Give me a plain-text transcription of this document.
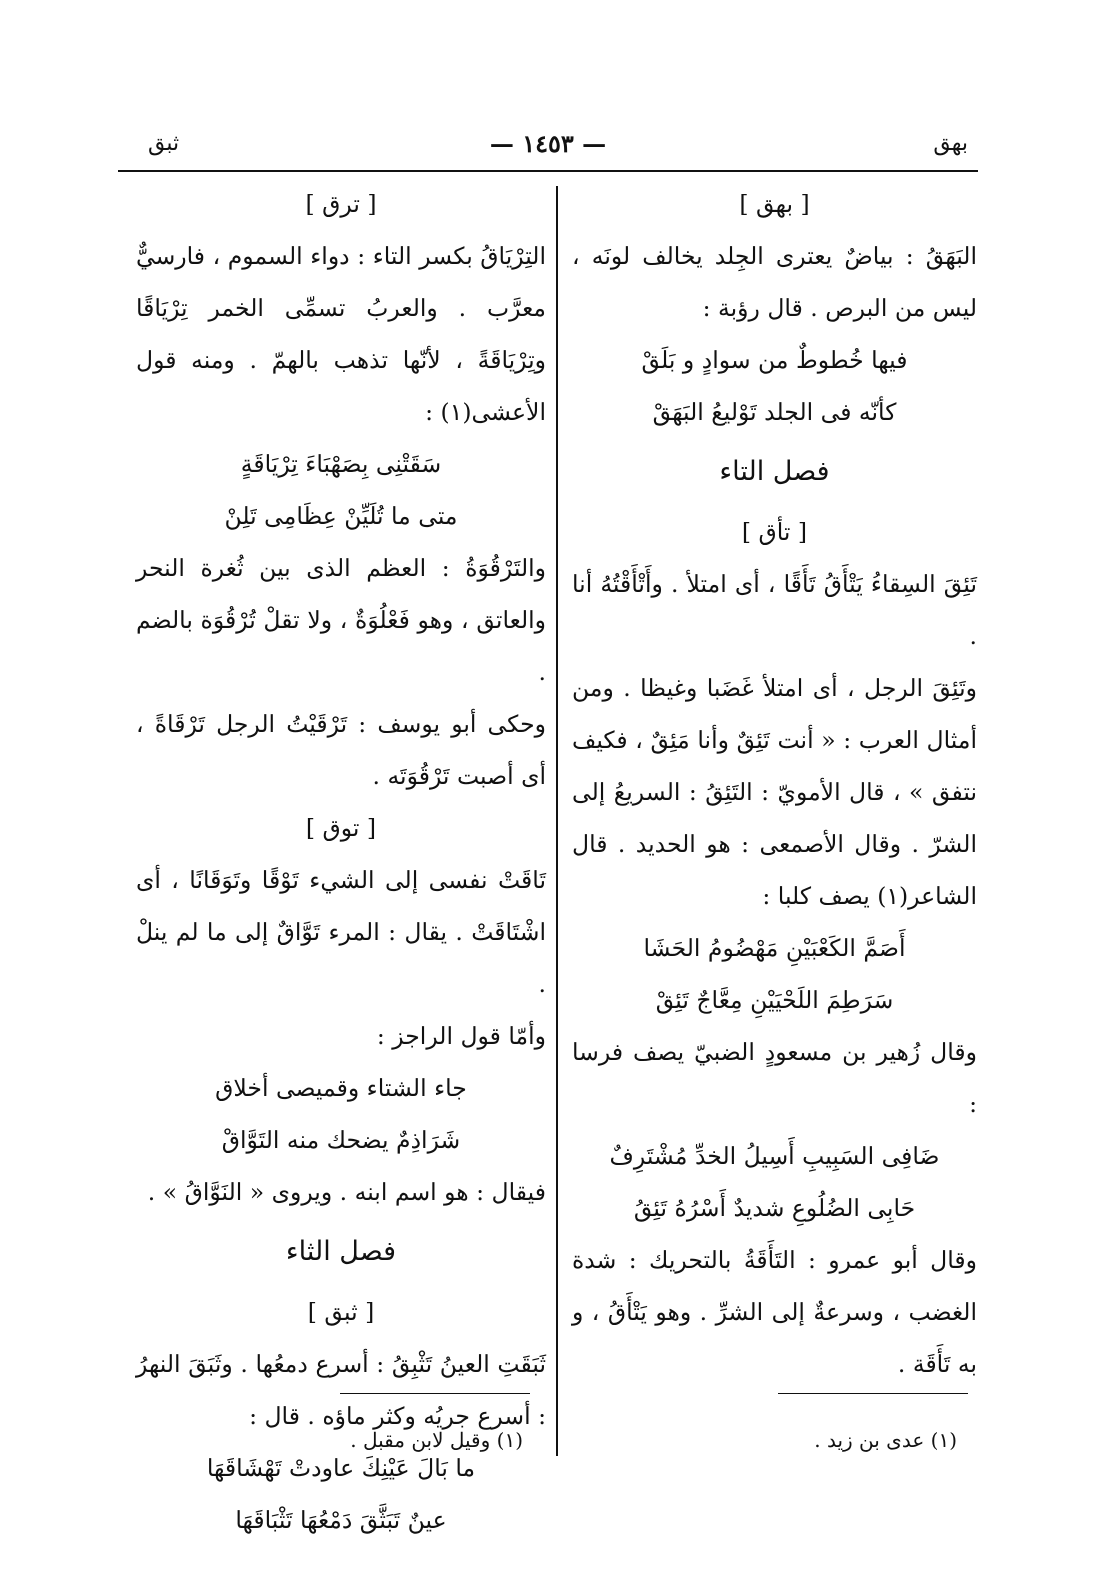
بهق
— ١٤٥٣ —
ثبق

[ بهق ]

البَهَقُ : بياضٌ يعترى الجِلد يخالف لونَه ، ليس من البرص . قال رؤبة :

فيها خُطوطٌ من سوادٍ و بَلَقْ

كأنّه فى الجلد تَوْليعُ البَهَقْ

فصل التاء

[ تأق ]

تَئِقَ السِقاءُ يَتْأَقُ تَأَقًا ، أى امتلأ . وأَتْأَقْتُهُ أنا .

وتَئِقَ الرجل ، أى امتلأ غَضَبا وغيظا . ومن أمثال العرب : « أنت تَئِقٌ وأنا مَئِقٌ ، فكيف نتفق » ، قال الأمويّ : التَئِقُ : السريعُ إلى الشرّ . وقال الأصمعى : هو الحديد . قال الشاعر(١) يصف كلبا :

أَصَمَّ الكَعْبَيْنِ مَهْضُومُ الحَشَا

سَرَطِمَ اللَحْيَيْنِ مِعَّاجٌ تَئِقْ

وقال زُهير بن مسعودٍ الضبيّ يصف فرسا :

ضَافِى السَبِيبِ أَسِيلُ الخدِّ مُشْتَرِفٌ

حَابِى الضُلُوعِ شديدٌ أَسْرُهُ تَئِقُ

وقال أبو عمرو : التَأَقَةُ بالتحريك : شدة الغضب ، وسرعةٌ إلى الشرِّ . وهو يَتْأَقُ ، و به تَأَقَة .

[ ترق ]

التِرْيَاقُ بكسر التاء : دواء السموم ، فارسيٌّ معرَّب . والعربُ تسمِّى الخمر تِرْيَاقًا وتِرْيَاقَةً ، لأنّها تذهب بالهمّ . ومنه قول الأعشى(١) :

سَقَتْنِى بِصَهْبَاءَ تِرْيَاقَةٍ

متى ما تُلَيِّنْ عِظَامِى تَلِنْ

والتَرْقُوَةُ : العظم الذى بين ثُغرة النحر والعاتق ، وهو فَعْلُوَةٌ ، ولا تقلْ تُرْقُوَة بالضم .

وحكى أبو يوسف : تَرْقَيْتُ الرجل تَرْقَاةً ، أى أصبت تَرْقُوَتَه .

[ توق ]

تَاقَتْ نفسى إلى الشيء تَوْقًا وتَوَقَانًا ، أى اشْتَاقَتْ . يقال : المرء تَوَّاقٌ إلى ما لم ينلْ .

وأمّا قول الراجز :

جاء الشتاء وقميصى أخلاق

شَرَاذِمٌ يضحك منه التَوَّاقْ

فيقال : هو اسم ابنه . ويروى « النَوَّاقُ » .

فصل الثاء

[ ثبق ]

ثَبَقَتِ العينُ تَثْبِقُ : أسرع دمعُها . وثَبَقَ النهرُ : أسرع جريُه وكثر ماؤه . قال :

ما بَالَ عَيْنِكَ عاودتْ تَهْشَاقَهَا

عينٌ تَبَثَّقَ دَمْعُهَا تَثْبَاقَهَا

(١) عدى بن زيد .
(١) وقيل لابن مقبل .
